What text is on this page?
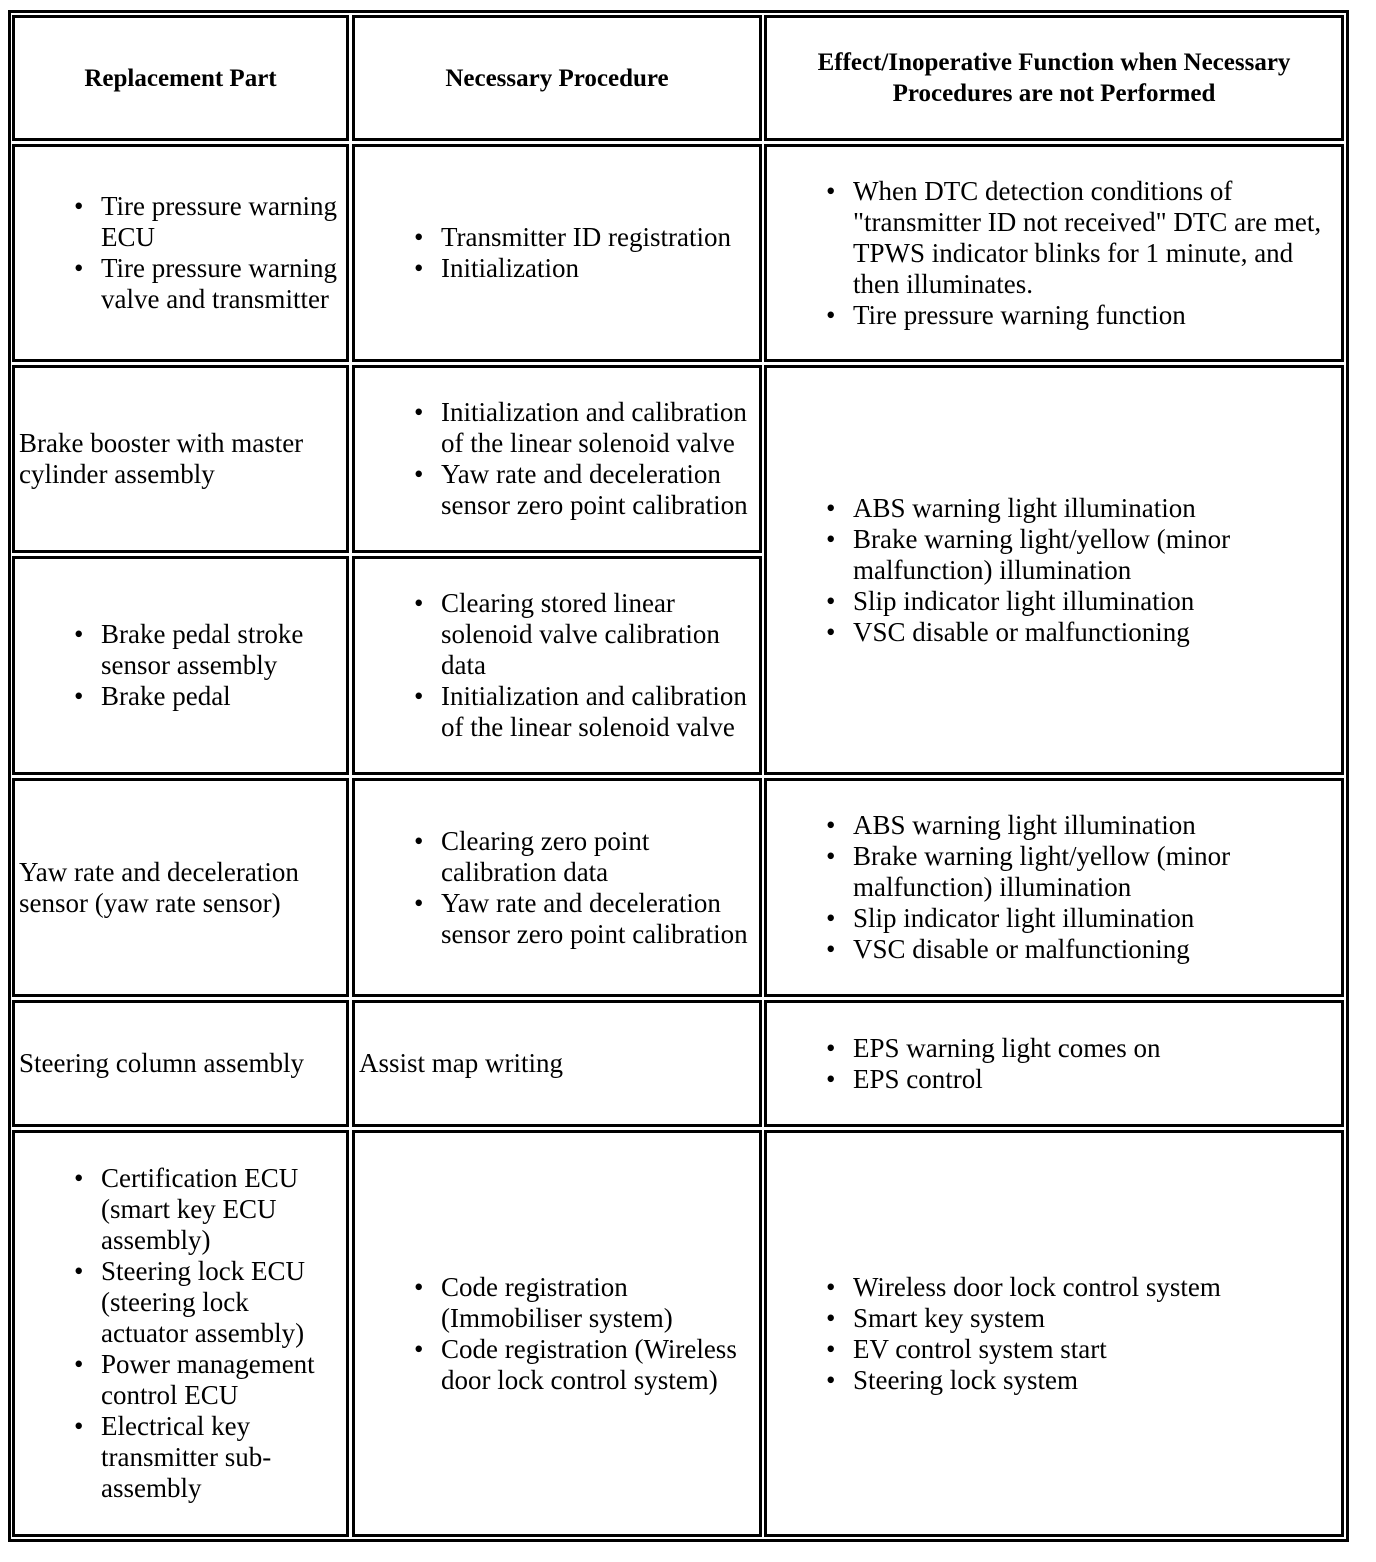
Replacement Part	Necessary Procedure
Effect/Inoperative Function when Necessary Procedures are not Performed
• Tire pressure warning ECU
• Tire pressure warning valve and transmitter
• Transmitter ID registration
• Initialization
• When DTC detection conditions of "transmitter ID not received" DTC are met, TPWS indicator blinks for 1 minute, and then illuminates.
• Tire pressure warning function
Brake booster with master cylinder assembly
• Initialization and calibration of the linear solenoid valve
• Yaw rate and deceleration sensor zero point calibration
•	ABS warning light illumination
• Brake warning light/yellow (minor malfunction) illumination
• Slip indicator light illumination
• VSC disable or malfunctioning
• Brake pedal stroke sensor assembly
• Brake pedal
• Clearing stored linear solenoid valve calibration data
• Initialization and calibration of the linear solenoid valve
Yaw rate and deceleration sensor (yaw rate sensor)
• Clearing zero point calibration data
• Yaw rate and deceleration sensor zero point calibration
• ABS warning light illumination
• Brake warning light/yellow (minor malfunction) illumination
• Slip indicator light illumination
• VSC disable or malfunctioning
Steering column assembly	Assist map writing
• EPS warning light comes on
• EPS control
• Certification ECU (smart key ECU assembly)
• Steering lock ECU (steering lock actuator assembly)
• Power management control ECU
• Electrical key transmitter sub-assembly
• Code registration (Immobiliser system)
• Code registration (Wireless door lock control system)
• Wireless door lock control system
• Smart key system
• EV control system start
• Steering lock system
